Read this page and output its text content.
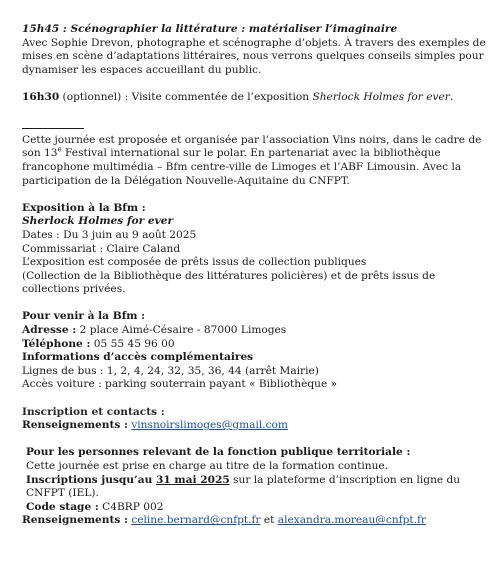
15h45 : Scénographier la littérature : matérialiser l’imaginaire

Avec Sophie Drevon, photographe et scénographe d’objets. À travers des exemples de mises en scène d’adaptations littéraires, nous verrons quelques conseils simples pour dynamiser les espaces accueillant du public.

16h30 (optionnel) : Visite commentée de l’exposition Sherlock Holmes for ever.

Cette journée est proposée et organisée par l’association Vins noirs, dans le cadre de son 13e Festival international sur le polar. En partenariat avec la bibliothèque francophone multimédia – Bfm centre-ville de Limoges et l’ABF Limousin. Avec la participation de la Délégation Nouvelle-Aquitaine du CNFPT.

Exposition à la Bfm :

Sherlock Holmes for ever

Dates : Du 3 juin au 9 août 2025

Commissariat : Claire Caland

L’exposition est composée de prêts issus de collection publiques

(Collection de la Bibliothèque des littératures policières) et de prêts issus de collections privées.

Pour venir à la Bfm :

Adresse : 2 place Aimé-Césaire - 87000 Limoges

Téléphone : 05 55 45 96 00

Informations d’accès complémentaires

Lignes de bus : 1, 2, 4, 24, 32, 35, 36, 44 (arrêt Mairie)

Accès voiture : parking souterrain payant « Bibliothèque »

Inscription et contacts :

Renseignements : vinsnoirslimoges@gmail.com

Pour les personnes relevant de la fonction publique territoriale :

Cette journée est prise en charge au titre de la formation continue.

Inscriptions jusqu’au 31 mai 2025 sur la plateforme d’inscription en ligne du CNFPT (IEL).

Code stage : C4BRP 002

Renseignements : celine.bernard@cnfpt.fr et alexandra.moreau@cnfpt.fr
